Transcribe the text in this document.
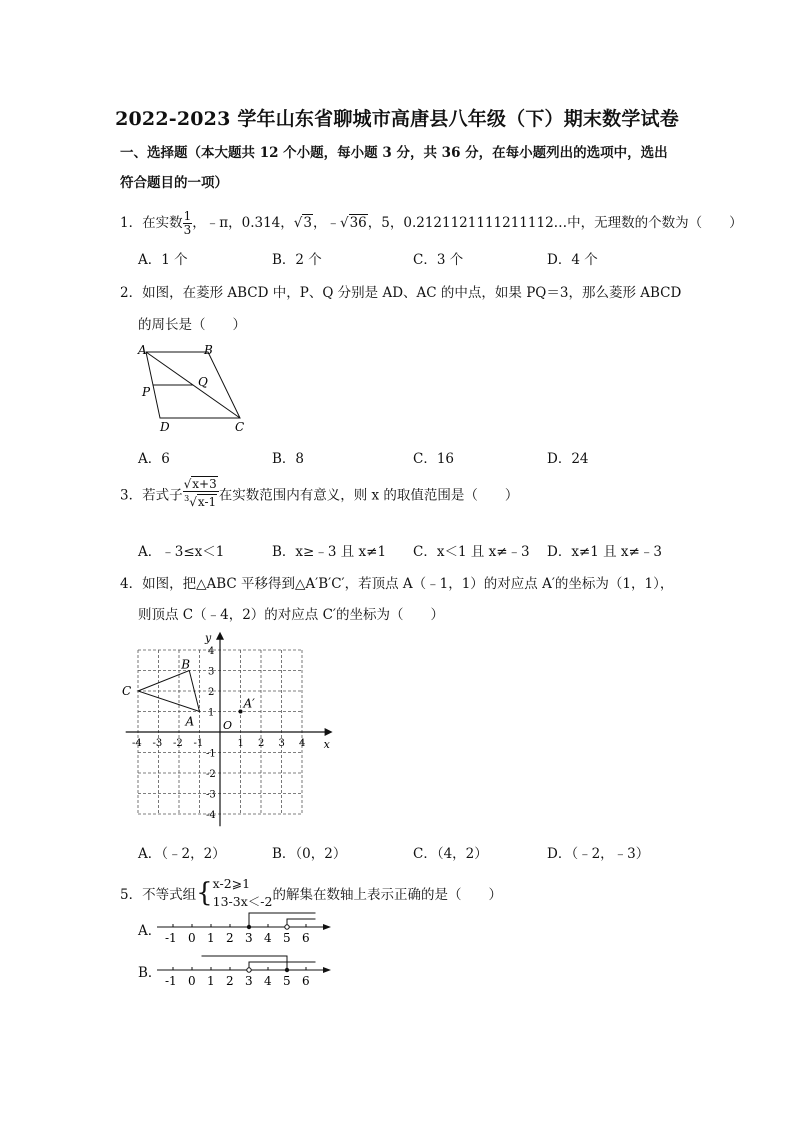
2022-2023 学年山东省聊城市高唐县八年级（下）期末数学试卷
一、选择题（本大题共 12 个小题，每小题 3 分，共 36 分，在每小题列出的选项中，选出
符合题目的一项）
1．在实数 $\frac{1}{3}$ ，﹣π，0.314，√3，﹣√36，5，0.2121121111211112…中，无理数的个数为（　　）
A．1 个	B．2 个	C．3 个	D．4 个
2．如图，在菱形 ABCD 中，P、Q 分别是 AD、AC 的中点，如果 PQ＝3，那么菱形 ABCD
的周长是（　　）
A	B
C
D
P
Q
A．6	B．8	C．16	D．24
3．若式子 $\frac{√x+3}{^3√x-1}$ 在实数范围内有意义，则 x 的取值范围是（　　）
A．﹣3≤x＜1	B．x≥﹣3 且 x≠1 C．x＜1 且 x≠﹣3 D．x≠1 且 x≠﹣3
4．如图，把△ABC 平移得到△A′B′C′，若顶点 A（﹣1，1）的对应点 A′的坐标为（1，1），
则顶点 C（﹣4，2）的对应点 C′的坐标为（　　）
x
y
O
-4 -3 -2 -1	1 2 3 4
1
2
3
4
-1
-2
-3
-4
A
B
C
A′
A．（﹣2，2）	B．（0，2）	C．（4，2）	D．（﹣2，﹣3）
5．不等式组{ x-2⩾1
13-3x＜-2 的解集在数轴上表示正确的是（　　）
A． -1 0 1 2 3 4 5 6
B． -1 0 1 2 3 4 5 6
